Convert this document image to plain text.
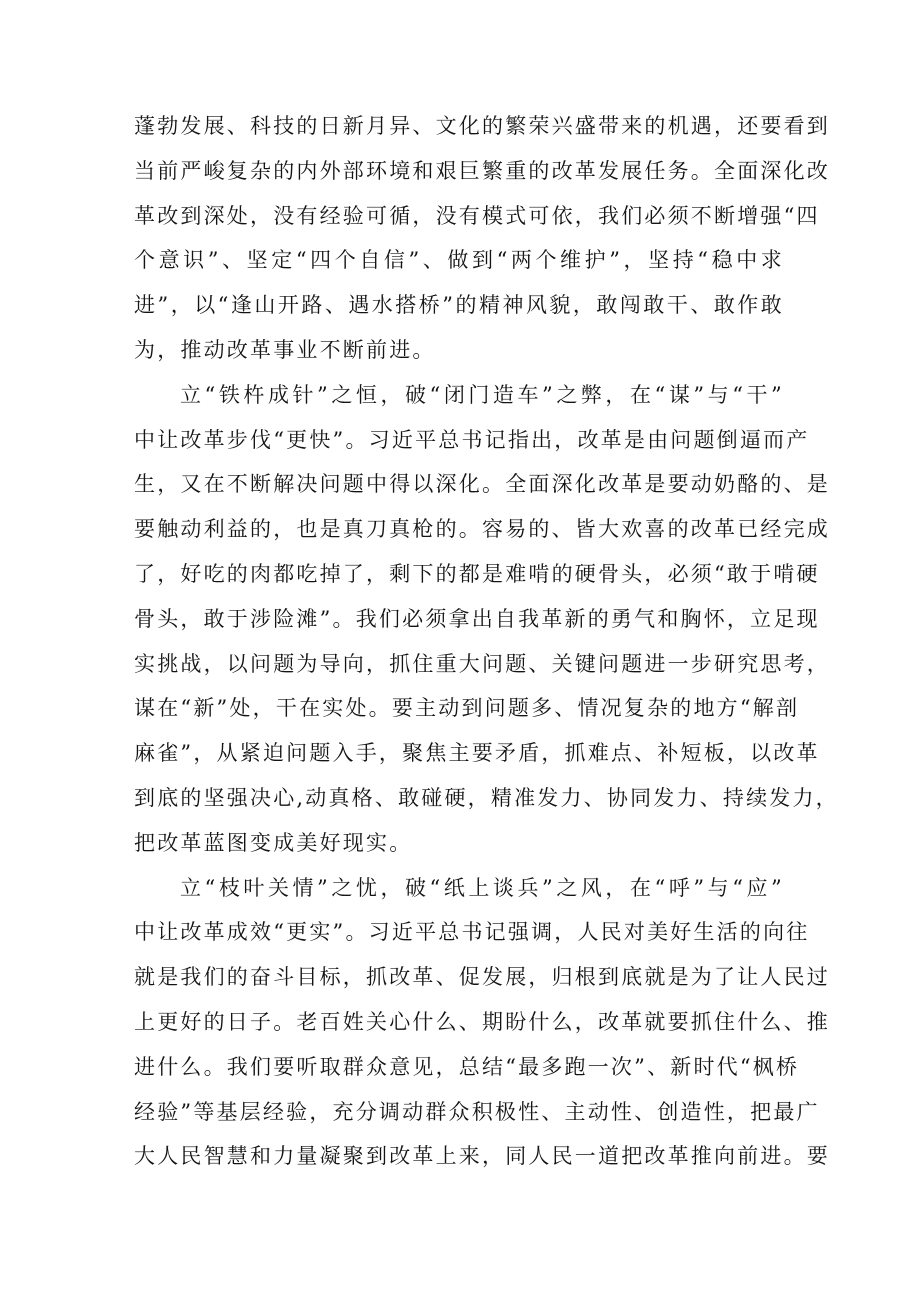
蓬勃发展、科技的日新月异、文化的繁荣兴盛带来的机遇，还要看到
当前严峻复杂的内外部环境和艰巨繁重的改革发展任务。全面深化改
革改到深处，没有经验可循，没有模式可依，我们必须不断增强“四
个意识”、坚定“四个自信”、做到“两个维护”，坚持“稳中求
进”，以“逢山开路、遇水搭桥”的精神风貌，敢闯敢干、敢作敢
为，推动改革事业不断前进。
立“铁杵成针”之恒，破“闭门造车”之弊，在“谋”与“干”
中让改革步伐“更快”。习近平总书记指出，改革是由问题倒逼而产
生，又在不断解决问题中得以深化。全面深化改革是要动奶酪的、是
要触动利益的，也是真刀真枪的。容易的、皆大欢喜的改革已经完成
了，好吃的肉都吃掉了，剩下的都是难啃的硬骨头，必须“敢于啃硬
骨头，敢于涉险滩”。我们必须拿出自我革新的勇气和胸怀，立足现
实挑战，以问题为导向，抓住重大问题、关键问题进一步研究思考，
谋在“新”处，干在实处。要主动到问题多、情况复杂的地方“解剖
麻雀”，从紧迫问题入手，聚焦主要矛盾，抓难点、补短板，以改革
到底的坚强决心,动真格、敢碰硬，精准发力、协同发力、持续发力，
把改革蓝图变成美好现实。
立“枝叶关情”之忧，破“纸上谈兵”之风，在“呼”与“应”
中让改革成效“更实”。习近平总书记强调，人民对美好生活的向往
就是我们的奋斗目标，抓改革、促发展，归根到底就是为了让人民过
上更好的日子。老百姓关心什么、期盼什么，改革就要抓住什么、推
进什么。我们要听取群众意见，总结“最多跑一次”、新时代“枫桥
经验”等基层经验，充分调动群众积极性、主动性、创造性，把最广
大人民智慧和力量凝聚到改革上来，同人民一道把改革推向前进。要
